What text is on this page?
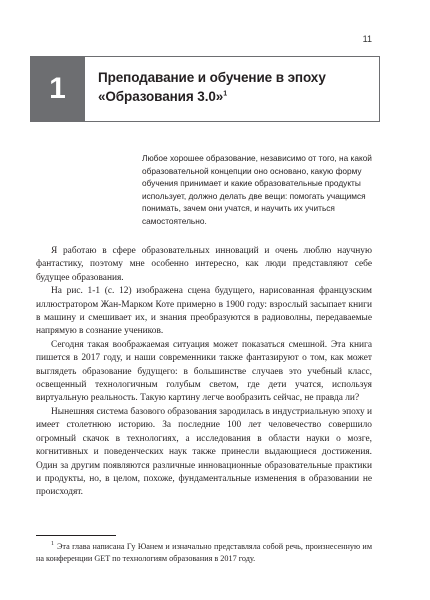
11
1 Преподавание и обучение в эпоху «Образования 3.0»$^1$
Любое хорошее образование, независимо от того, на какой образовательной концепции оно основано, какую форму обучения принимает и какие образовательные продукты использует, должно делать две вещи: помогать учащимся понимать, зачем они учатся, и научить их учиться самостоятельно.

Я работаю в сфере образовательных инноваций и очень люблю научную фантастику, поэтому мне особенно интересно, как люди представляют себе будущее образования.

На рис. 1-1 (с. 12) изображена сцена будущего, нарисованная французским иллюстратором Жан-Марком Коте примерно в 1900 году: взрослый засыпает книги в машину и смешивает их, и знания преобразуются в радиоволны, передаваемые напрямую в сознание учеников.

Сегодня такая воображаемая ситуация может показаться смешной. Эта книга пишется в 2017 году, и наши современники также фантазируют о том, как может выглядеть образование будущего: в большинстве случаев это учебный класс, освещенный технологичным голубым светом, где дети учатся, используя виртуальную реальность. Такую картину легче вообразить сейчас, не правда ли?

Нынешняя система базового образования зародилась в индустриальную эпоху и имеет столетнюю историю. За последние 100 лет человечество совершило огромный скачок в технологиях, а исследования в области науки о мозге, когнитивных и поведенческих наук также принесли выдающиеся достижения. Один за другим появляются различные инновационные образовательные практики и продукты, но, в целом, похоже, фундаментальные изменения в образовании не происходят.

$^1$ Эта глава написана Гу Юанем и изначально представляла собой речь, произнесенную им на конференции GET по технологиям образования в 2017 году.
